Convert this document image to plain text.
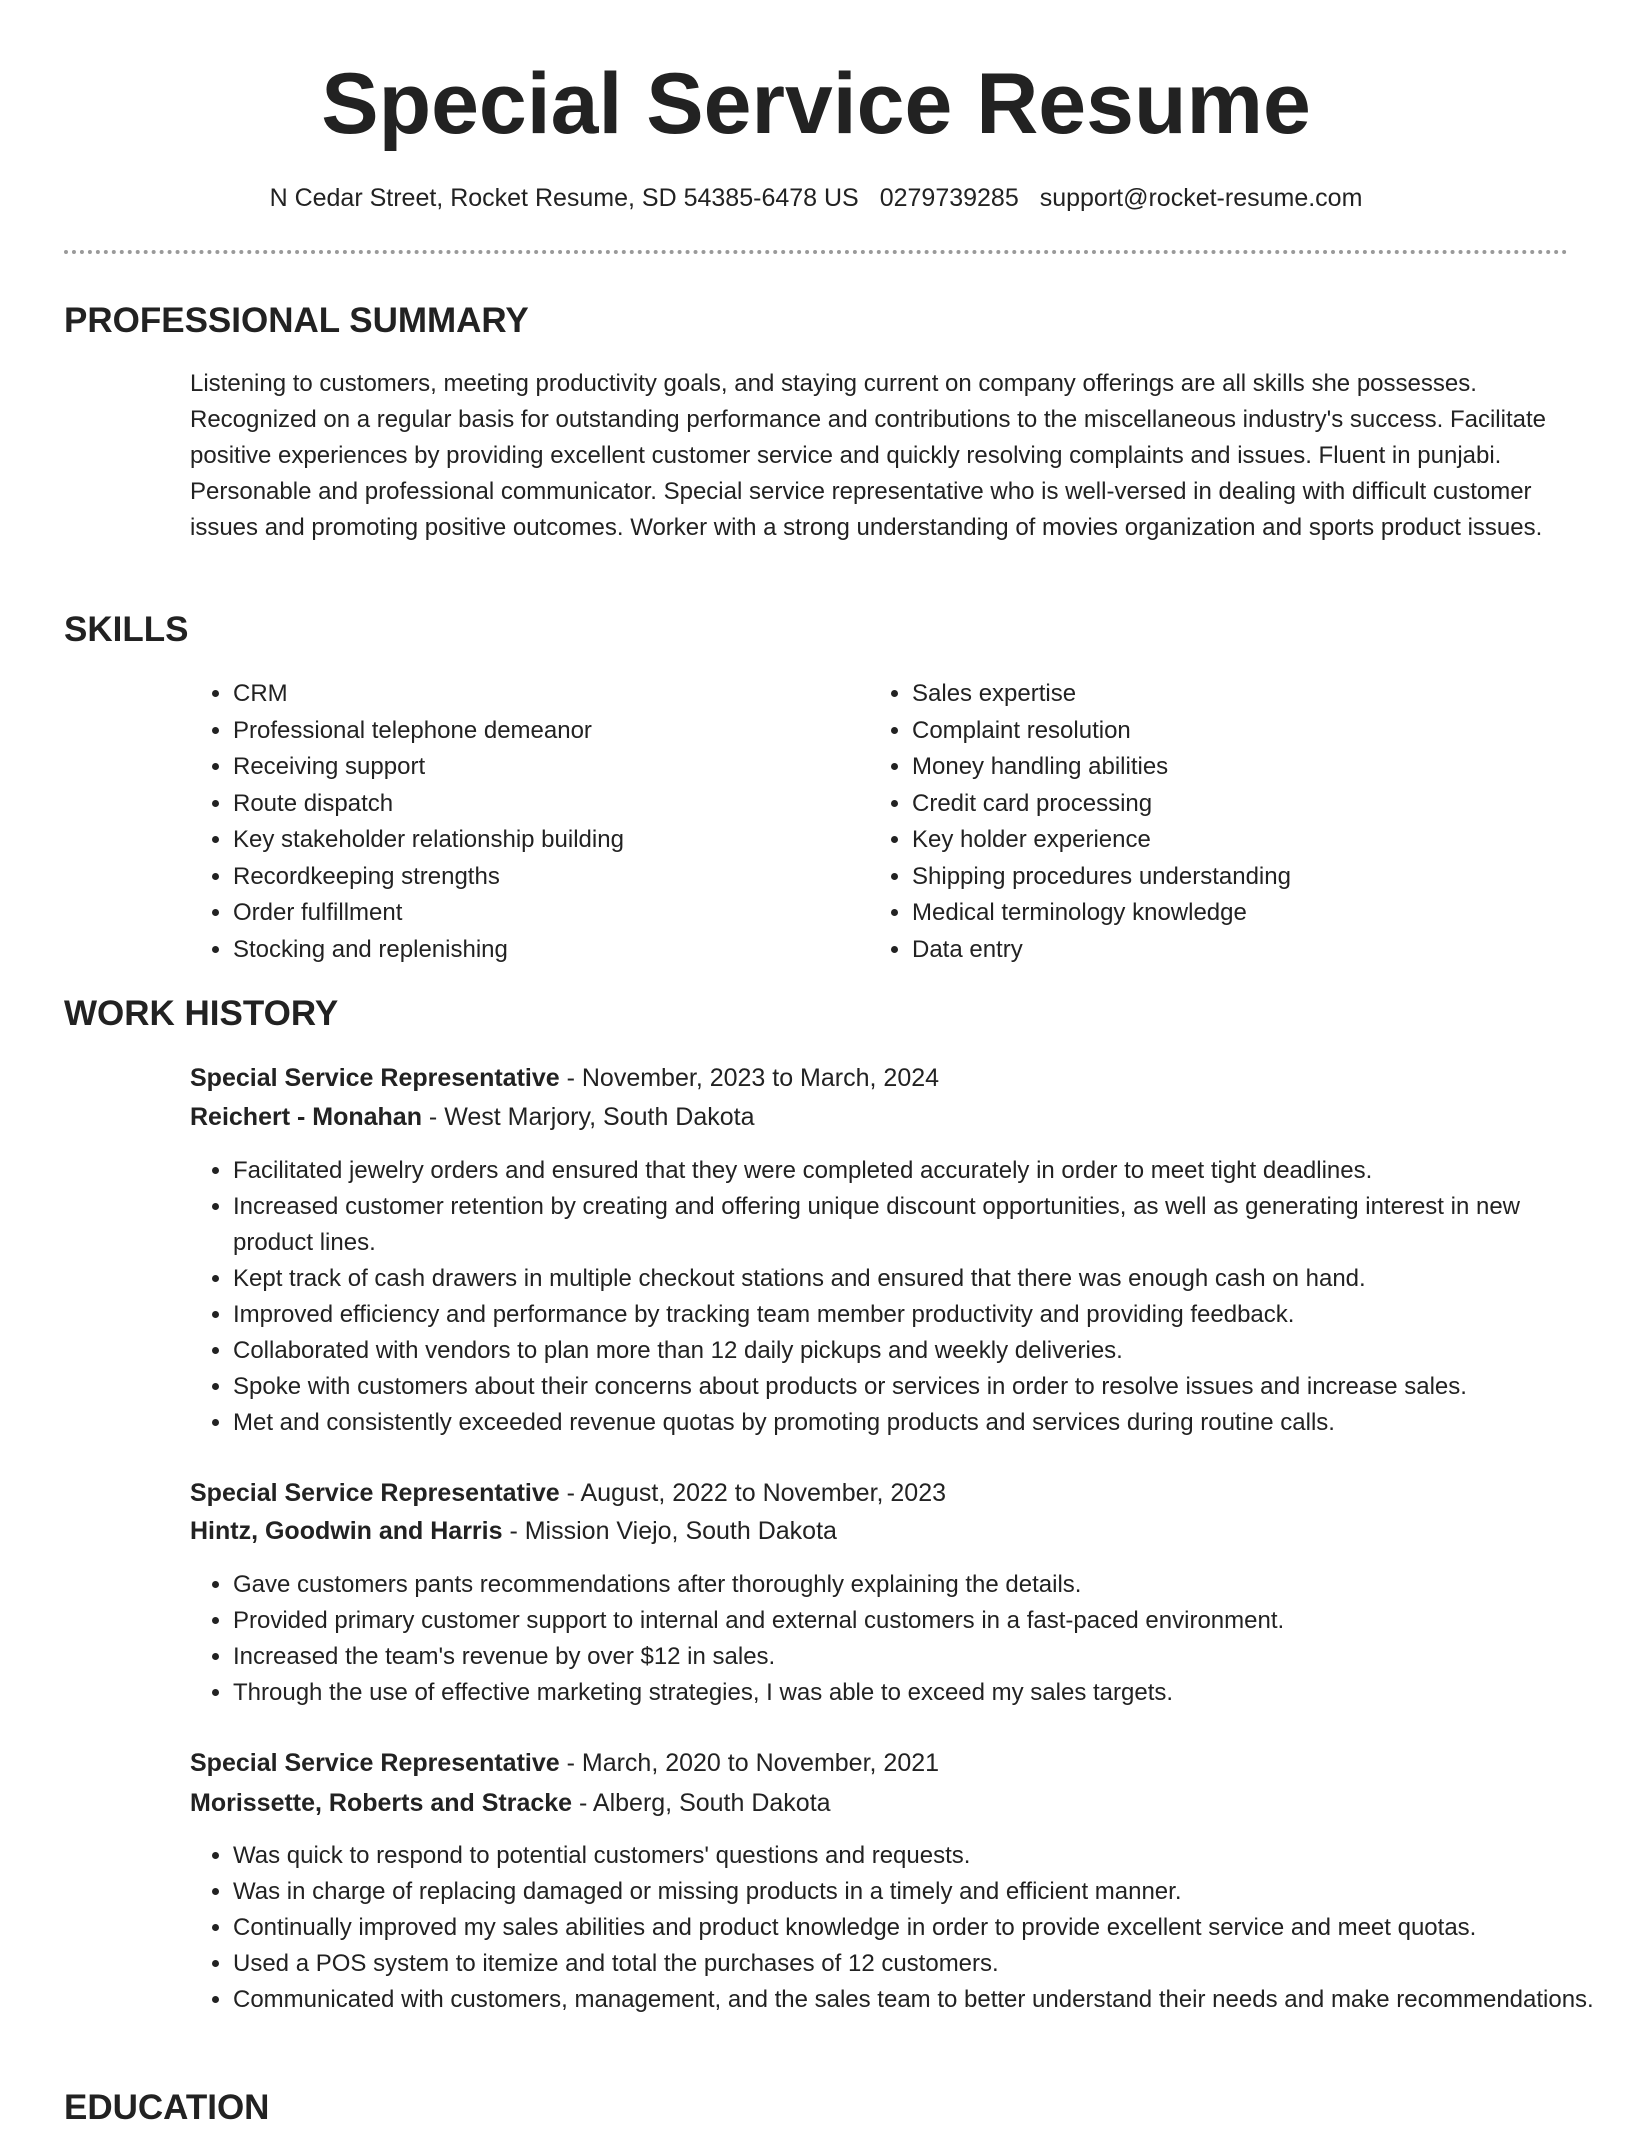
Special Service Resume
N Cedar Street, Rocket Resume, SD 54385-6478 US 0279739285 support@rocket-resume.com
PROFESSIONAL SUMMARY

Listening to customers, meeting productivity goals, and staying current on company offerings are all skills she possesses. Recognized on a regular basis for outstanding performance and contributions to the miscellaneous industry's success. Facilitate positive experiences by providing excellent customer service and quickly resolving complaints and issues. Fluent in punjabi. Personable and professional communicator. Special service representative who is well-versed in dealing with difficult customer issues and promoting positive outcomes. Worker with a strong understanding of movies organization and sports product issues.

SKILLS
• CRM
• Professional telephone demeanor
• Receiving support
• Route dispatch
• Key stakeholder relationship building
• Recordkeeping strengths
• Order fulfillment
• Stocking and replenishing
• Sales expertise
• Complaint resolution
• Money handling abilities
• Credit card processing
• Key holder experience
• Shipping procedures understanding
• Medical terminology knowledge
• Data entry
WORK HISTORY
Special Service Representative - November, 2023 to March, 2024
Reichert - Monahan - West Marjory, South Dakota
• Facilitated jewelry orders and ensured that they were completed accurately in order to meet tight deadlines.
• Increased customer retention by creating and offering unique discount opportunities, as well as generating interest in new product lines.
• Kept track of cash drawers in multiple checkout stations and ensured that there was enough cash on hand.
• Improved efficiency and performance by tracking team member productivity and providing feedback.
• Collaborated with vendors to plan more than 12 daily pickups and weekly deliveries.
• Spoke with customers about their concerns about products or services in order to resolve issues and increase sales.
• Met and consistently exceeded revenue quotas by promoting products and services during routine calls.
Special Service Representative - August, 2022 to November, 2023
Hintz, Goodwin and Harris - Mission Viejo, South Dakota
• Gave customers pants recommendations after thoroughly explaining the details.
• Provided primary customer support to internal and external customers in a fast-paced environment.
• Increased the team's revenue by over $12 in sales.
• Through the use of effective marketing strategies, I was able to exceed my sales targets.
Special Service Representative - March, 2020 to November, 2021
Morissette, Roberts and Stracke - Alberg, South Dakota
• Was quick to respond to potential customers' questions and requests.
• Was in charge of replacing damaged or missing products in a timely and efficient manner.
• Continually improved my sales abilities and product knowledge in order to provide excellent service and meet quotas.
• Used a POS system to itemize and total the purchases of 12 customers.
• Communicated with customers, management, and the sales team to better understand their needs and make recommendations.
EDUCATION
